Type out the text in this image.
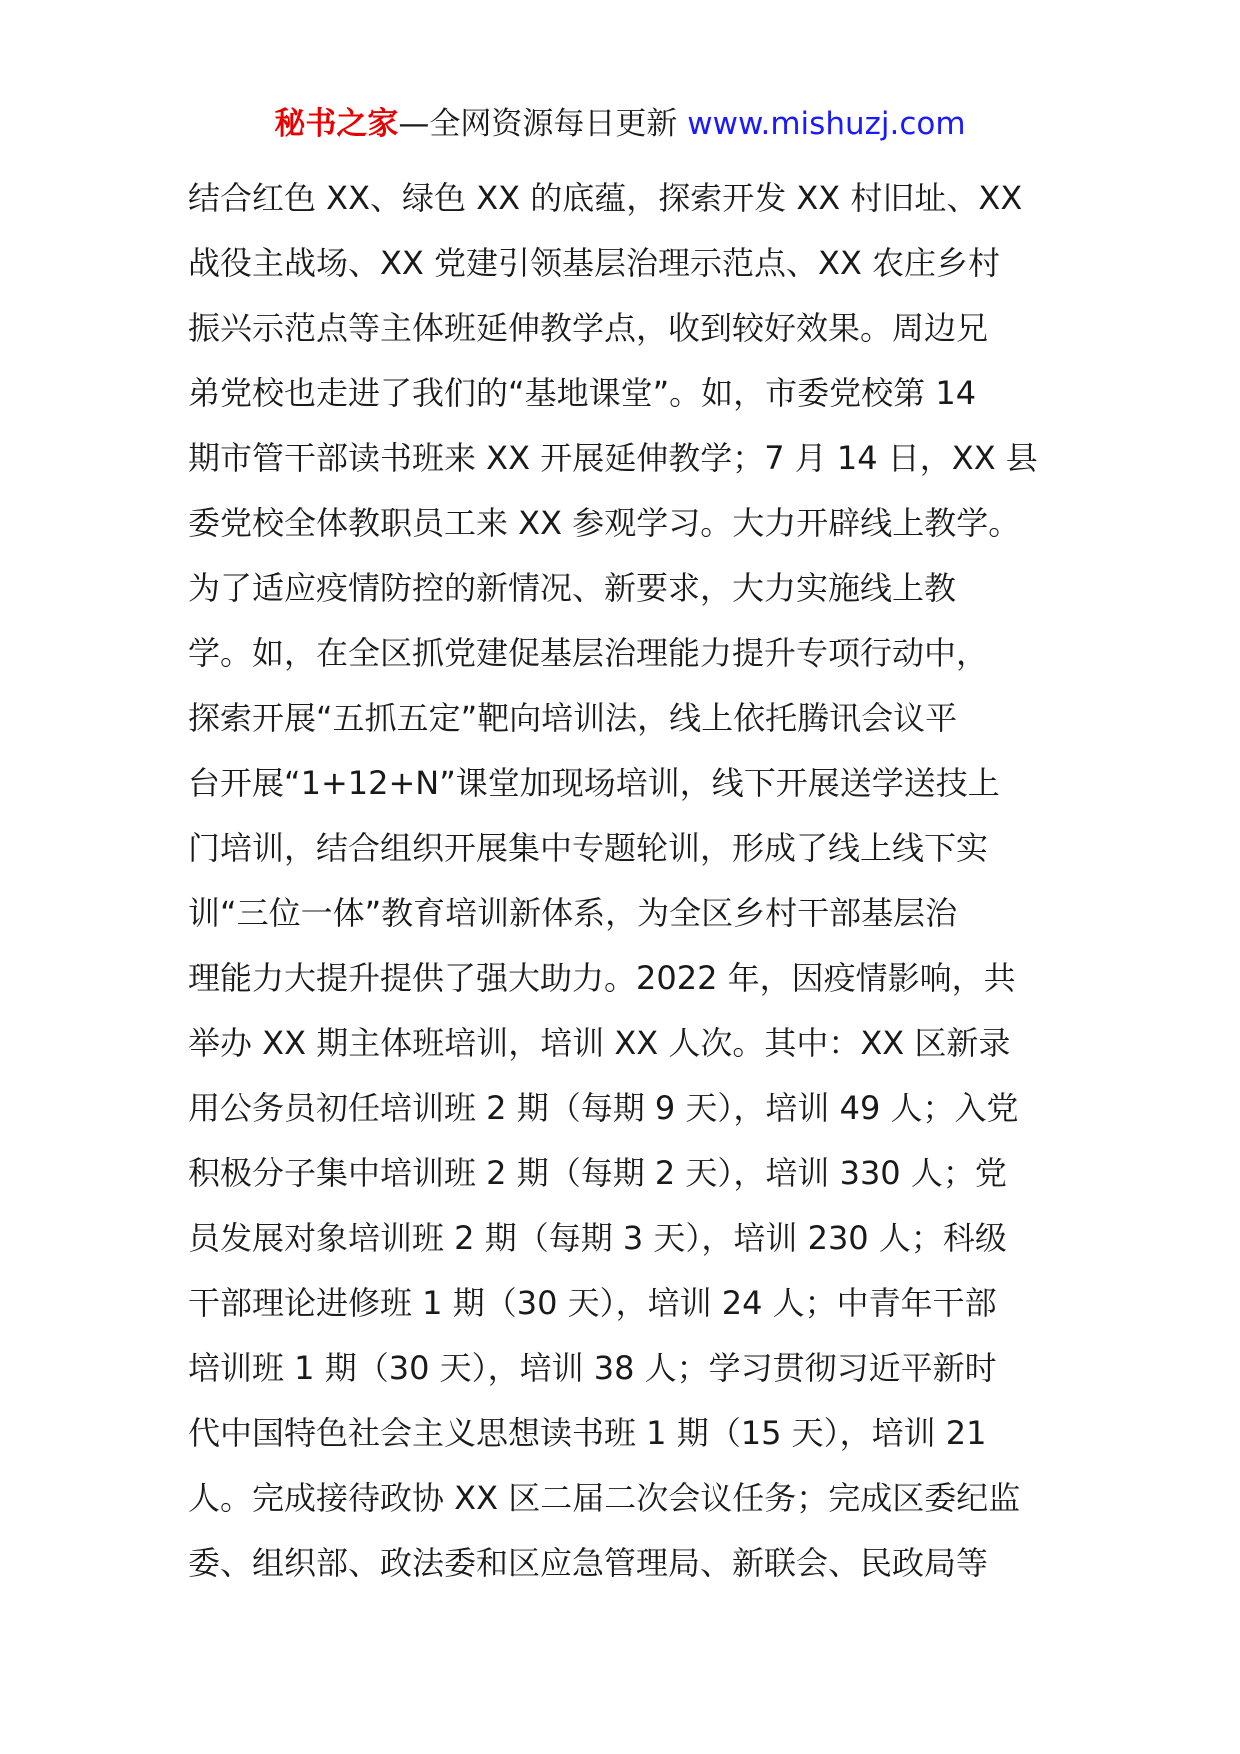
秘书之家—全网资源每日更新 www.mishuzj.com
结合红色 XX、绿色 XX 的底蕴，探索开发 XX 村旧址、XX
战役主战场、XX 党建引领基层治理示范点、XX 农庄乡村
振兴示范点等主体班延伸教学点，收到较好效果。周边兄
弟党校也走进了我们的“基地课堂”。如，市委党校第 14
期市管干部读书班来 XX 开展延伸教学；7 月 14 日，XX 县
委党校全体教职员工来 XX 参观学习。大力开辟线上教学。
为了适应疫情防控的新情况、新要求，大力实施线上教
学。如，在全区抓党建促基层治理能力提升专项行动中，
探索开展“五抓五定”靶向培训法，线上依托腾讯会议平
台开展“1+12+N”课堂加现场培训，线下开展送学送技上
门培训，结合组织开展集中专题轮训，形成了线上线下实
训“三位一体”教育培训新体系，为全区乡村干部基层治
理能力大提升提供了强大助力。2022 年，因疫情影响，共
举办 XX 期主体班培训，培训 XX 人次。其中：XX 区新录
用公务员初任培训班 2 期（每期 9 天），培训 49 人；入党
积极分子集中培训班 2 期（每期 2 天），培训 330 人；党
员发展对象培训班 2 期（每期 3 天），培训 230 人；科级
干部理论进修班 1 期（30 天），培训 24 人；中青年干部
培训班 1 期（30 天），培训 38 人；学习贯彻习近平新时
代中国特色社会主义思想读书班 1 期（15 天），培训 21
人。完成接待政协 XX 区二届二次会议任务；完成区委纪监
委、组织部、政法委和区应急管理局、新联会、民政局等
